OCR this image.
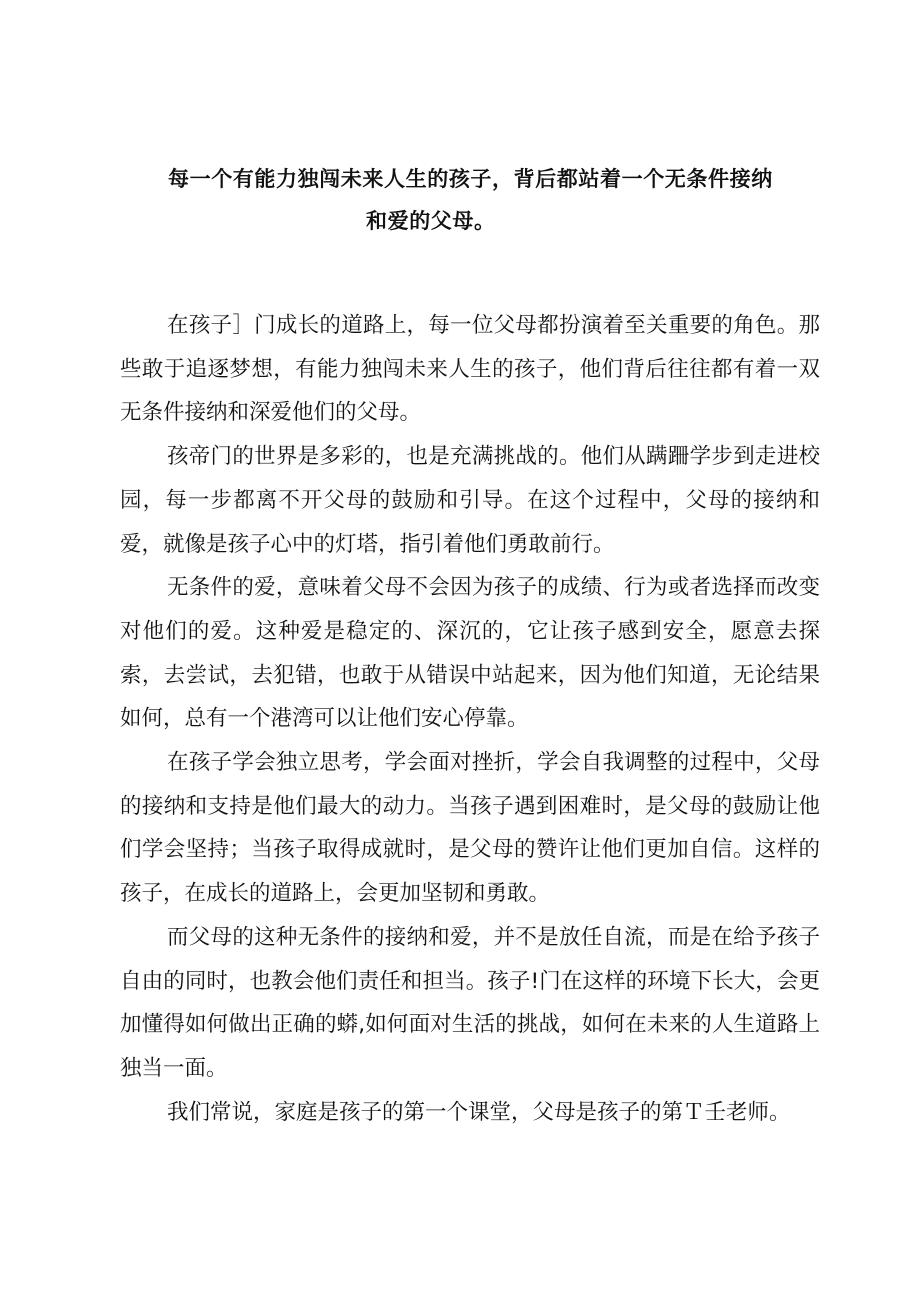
每一个有能力独闯未来人生的孩子，背后都站着一个无条件接纳
和爱的父母。

在孩子］门成长的道路上，每一位父母都扮演着至关重要的角色。那些敢于追逐梦想，有能力独闯未来人生的孩子，他们背后往往都有着一双无条件接纳和深爱他们的父母。

孩帝门的世界是多彩的，也是充满挑战的。他们从蹒跚学步到走进校园，每一步都离不开父母的鼓励和引导。在这个过程中，父母的接纳和爱，就像是孩子心中的灯塔，指引着他们勇敢前行。

无条件的爱，意味着父母不会因为孩子的成绩、行为或者选择而改变对他们的爱。这种爱是稳定的、深沉的，它让孩子感到安全，愿意去探索，去尝试，去犯错，也敢于从错误中站起来，因为他们知道，无论结果如何，总有一个港湾可以让他们安心停靠。

在孩子学会独立思考，学会面对挫折，学会自我调整的过程中，父母的接纳和支持是他们最大的动力。当孩子遇到困难时，是父母的鼓励让他们学会坚持；当孩子取得成就时，是父母的赞许让他们更加自信。这样的孩子，在成长的道路上，会更加坚韧和勇敢。

而父母的这种无条件的接纳和爱，并不是放任自流，而是在给予孩子自由的同时，也教会他们责任和担当。孩子!门在这样的环境下长大，会更加懂得如何做出正确的蟒,如何面对生活的挑战，如何在未来的人生道路上独当一面。

我们常说，家庭是孩子的第一个课堂，父母是孩子的第Ｔ壬老师。
